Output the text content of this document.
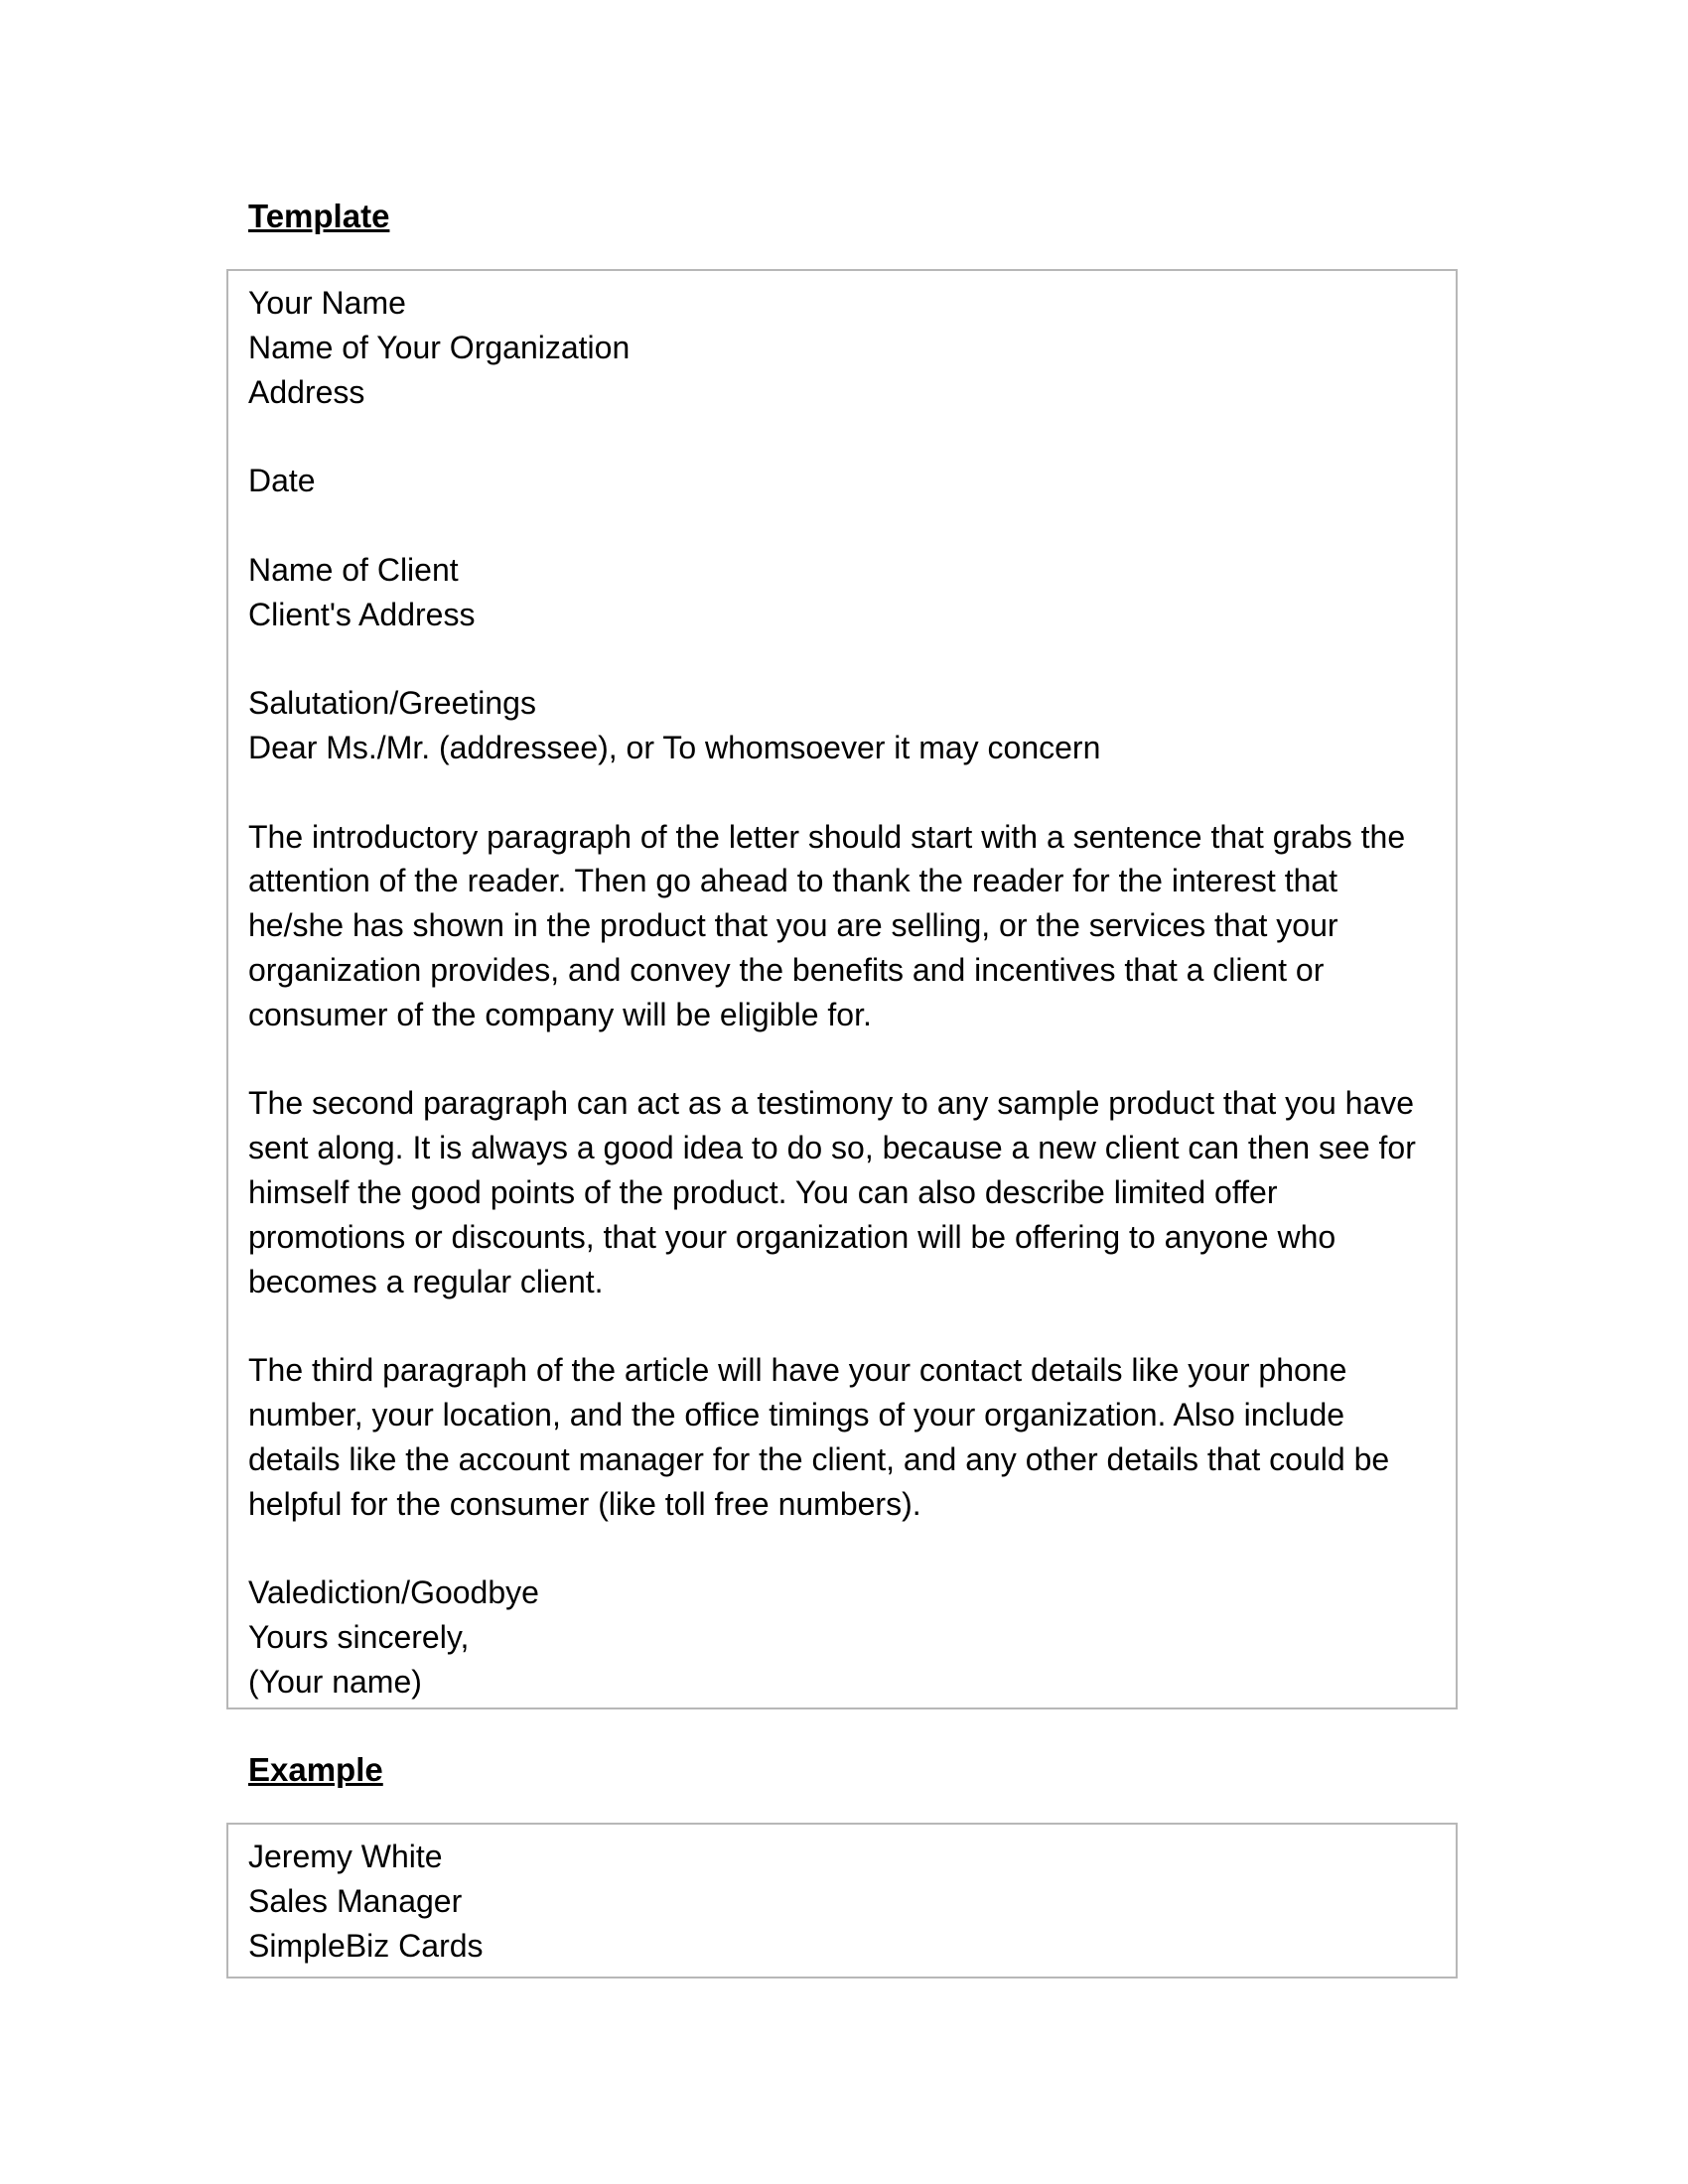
Template
Your Name
Name of Your Organization
Address
Date
Name of Client
Client's Address
Salutation/Greetings
Dear Ms./Mr. (addressee), or To whomsoever it may concern
The introductory paragraph of the letter should start with a sentence that grabs the attention of the reader. Then go ahead to thank the reader for the interest that he/she has shown in the product that you are selling, or the services that your organization provides, and convey the benefits and incentives that a client or consumer of the company will be eligible for.
The second paragraph can act as a testimony to any sample product that you have sent along. It is always a good idea to do so, because a new client can then see for himself the good points of the product. You can also describe limited offer promotions or discounts, that your organization will be offering to anyone who becomes a regular client.
The third paragraph of the article will have your contact details like your phone number, your location, and the office timings of your organization. Also include details like the account manager for the client, and any other details that could be helpful for the consumer (like toll free numbers).
Valediction/Goodbye
Yours sincerely,
(Your name)
Example
Jeremy White
Sales Manager
SimpleBiz Cards
